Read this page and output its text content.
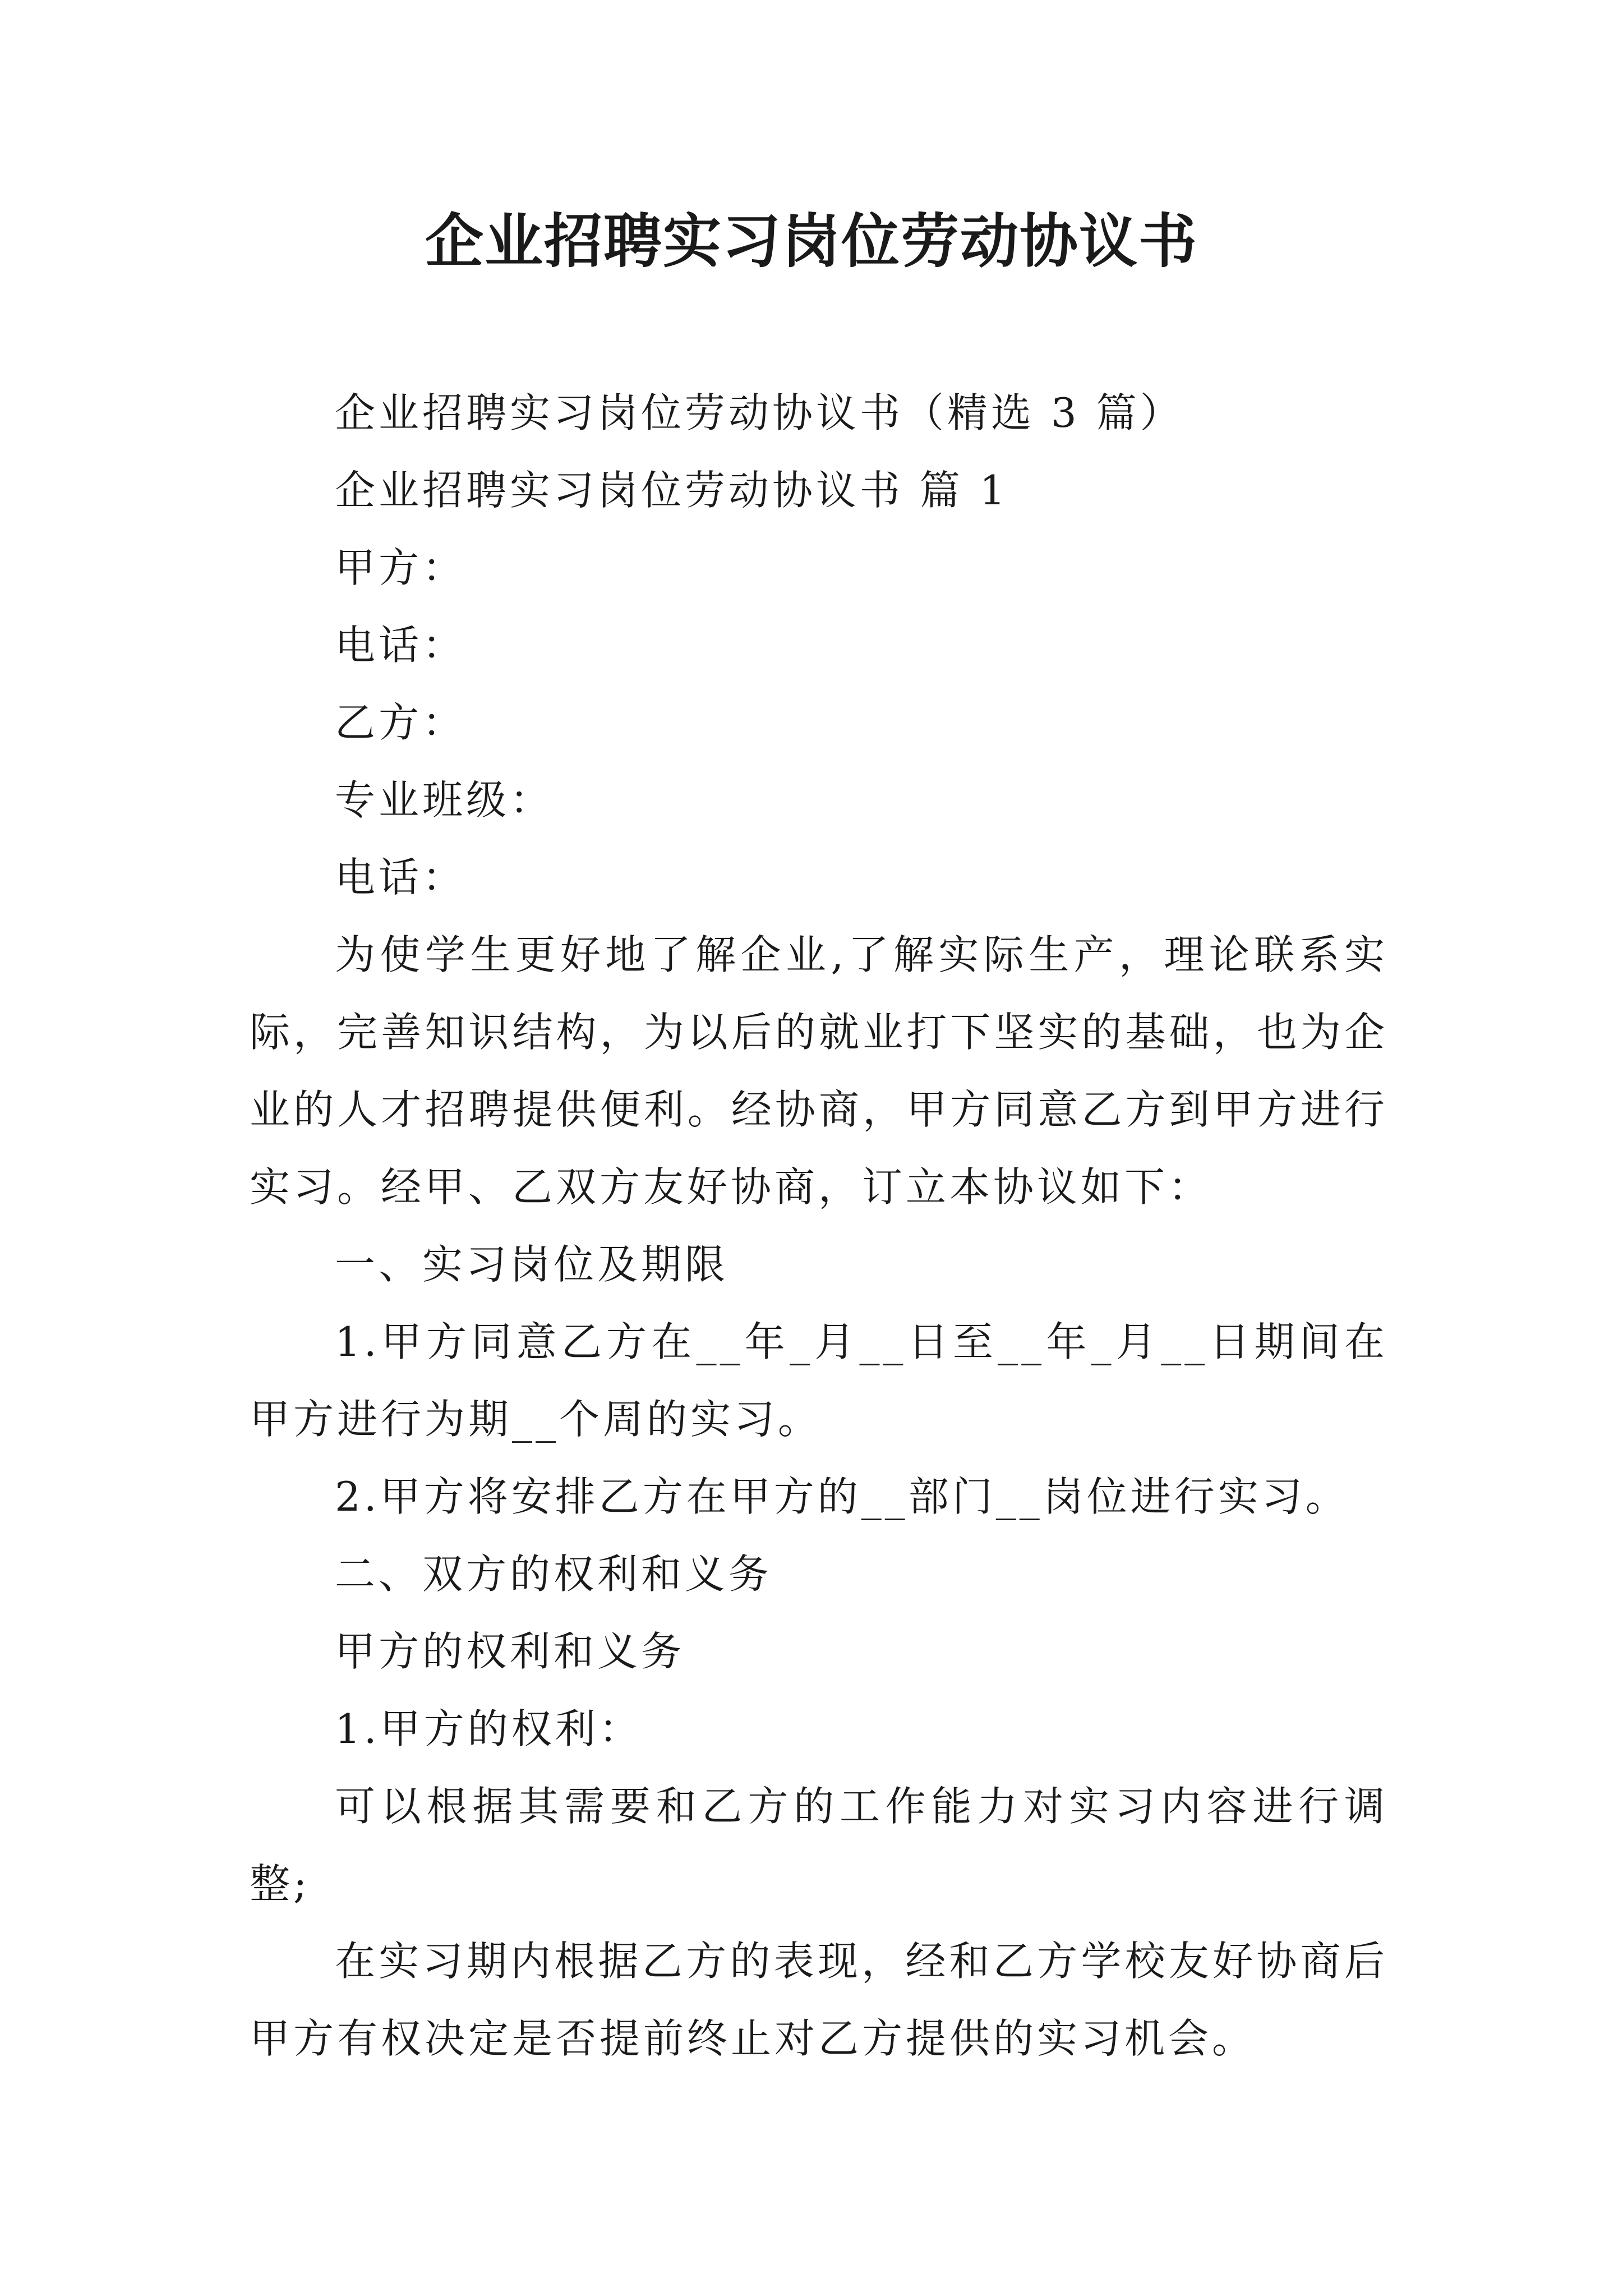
企业招聘实习岗位劳动协议书

企业招聘实习岗位劳动协议书（精选 3 篇）

企业招聘实习岗位劳动协议书 篇 1

甲方：

电话：

乙方：

专业班级：

电话：

为使学生更好地了解企业,了解实际生产，理论联系实际，完善知识结构，为以后的就业打下坚实的基础，也为企业的人才招聘提供便利。经协商，甲方同意乙方到甲方进行实习。经甲、乙双方友好协商，订立本协议如下：

一、实习岗位及期限

1.甲方同意乙方在__年_月__日至__年_月__日期间在甲方进行为期__个周的实习。

2.甲方将安排乙方在甲方的__部门__岗位进行实习。

二、双方的权利和义务

甲方的权利和义务

1.甲方的权利：

可以根据其需要和乙方的工作能力对实习内容进行调整;

在实习期内根据乙方的表现，经和乙方学校友好协商后甲方有权决定是否提前终止对乙方提供的实习机会。
